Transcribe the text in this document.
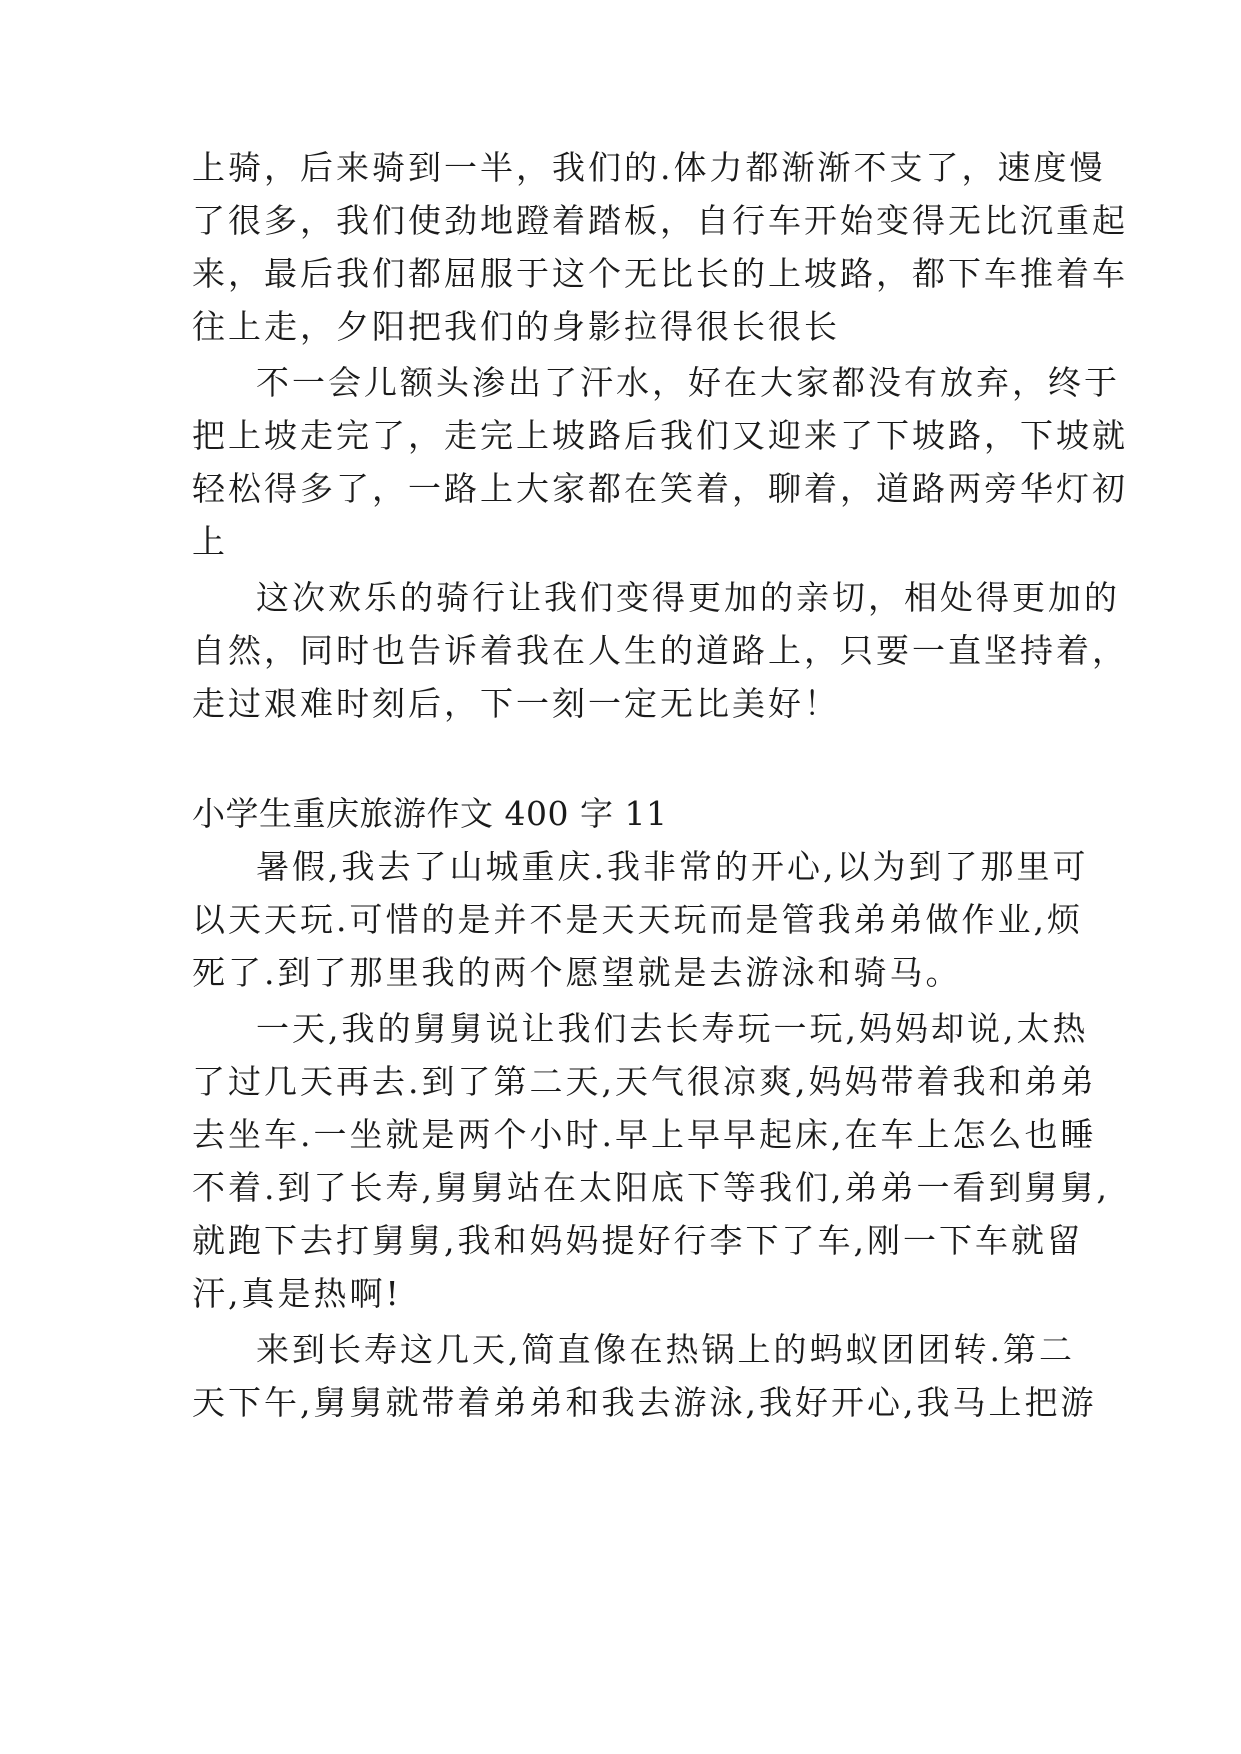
上骑，后来骑到一半，我们的.体力都渐渐不支了，速度慢
了很多，我们使劲地蹬着踏板，自行车开始变得无比沉重起
来，最后我们都屈服于这个无比长的上坡路，都下车推着车
往上走，夕阳把我们的身影拉得很长很长
不一会儿额头渗出了汗水，好在大家都没有放弃，终于
把上坡走完了，走完上坡路后我们又迎来了下坡路，下坡就
轻松得多了，一路上大家都在笑着，聊着，道路两旁华灯初
上
这次欢乐的骑行让我们变得更加的亲切，相处得更加的
自然，同时也告诉着我在人生的道路上，只要一直坚持着，
走过艰难时刻后，下一刻一定无比美好！
小学生重庆旅游作文 400 字 11
暑假,我去了山城重庆.我非常的开心,以为到了那里可
以天天玩.可惜的是并不是天天玩而是管我弟弟做作业,烦
死了.到了那里我的两个愿望就是去游泳和骑马。
一天,我的舅舅说让我们去长寿玩一玩,妈妈却说,太热
了过几天再去.到了第二天,天气很凉爽,妈妈带着我和弟弟
去坐车.一坐就是两个小时.早上早早起床,在车上怎么也睡
不着.到了长寿,舅舅站在太阳底下等我们,弟弟一看到舅舅,
就跑下去打舅舅,我和妈妈提好行李下了车,刚一下车就留
汗,真是热啊!
来到长寿这几天,简直像在热锅上的蚂蚁团团转.第二
天下午,舅舅就带着弟弟和我去游泳,我好开心,我马上把游
